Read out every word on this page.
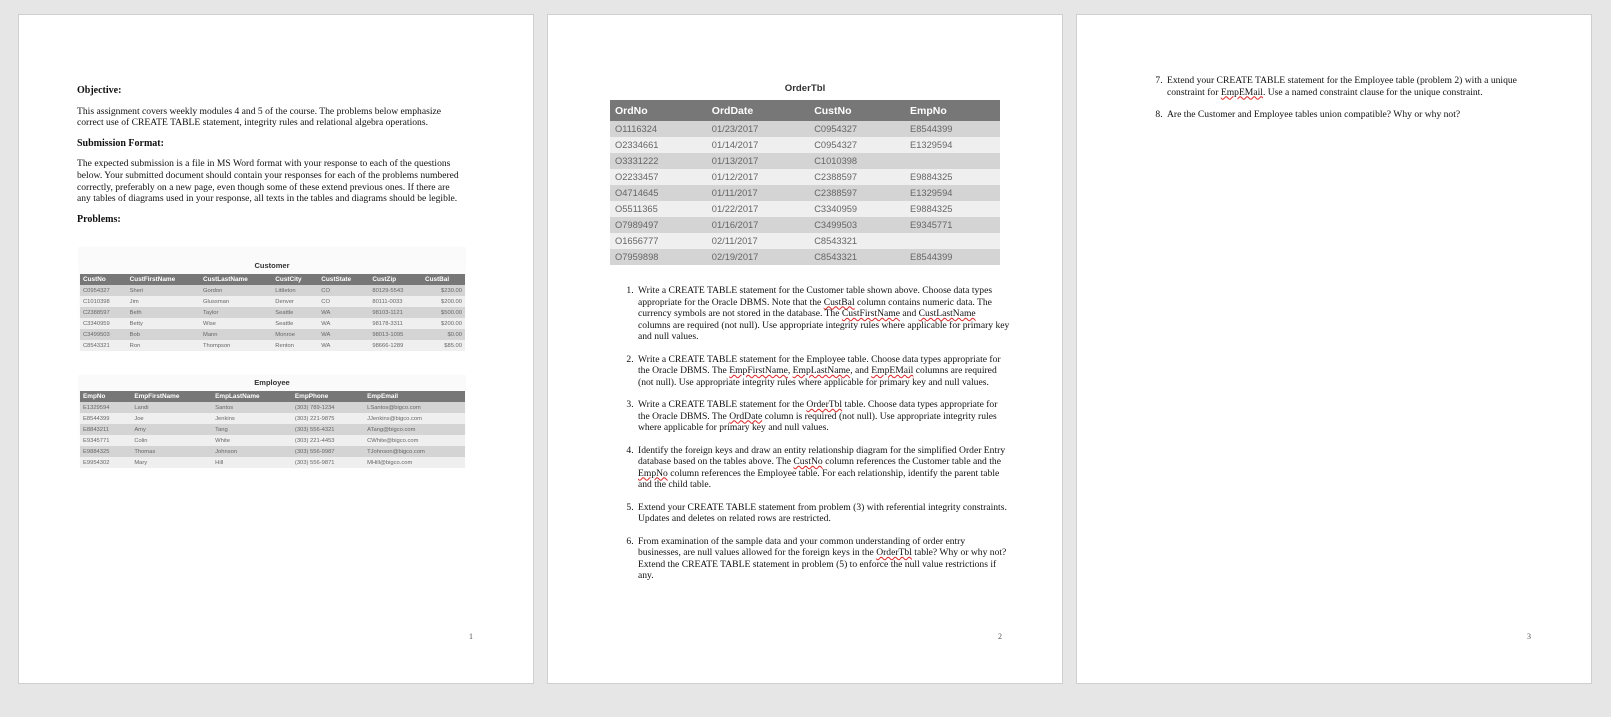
Objective:

This assignment covers weekly modules 4 and 5 of the course. The problems below emphasize correct use of CREATE TABLE statement, integrity rules and relational algebra operations.

Submission Format:

The expected submission is a file in MS Word format with your response to each of the questions below. Your submitted document should contain your responses for each of the problems numbered correctly, preferably on a new page, even though some of these extend previous ones. If there are any tables of diagrams used in your response, all texts in the tables and diagrams should be legible.

Problems:
Customer
CustNo	CustFirstName	CustLastName	CustCity	CustState	CustZip	CustBal
C0954327	Sheri	Gordon	Littleton	CO	80129-5543	$230.00
C1010398	Jim	Glussman	Denver	CO	80111-0033	$200.00
C2388597	Beth	Taylor	Seattle	WA	98103-1121	$500.00
C3340959	Betty	Wise	Seattle	WA	98178-3311	$200.00
C3499503	Bob	Mann	Monroe	WA	98013-1095	$0.00
C8543321	Ron	Thompson	Renton	WA	98666-1289	$85.00
Employee
EmpNo	EmpFirstName	EmpLastName	EmpPhone	EmpEmail
E1329594	Landi	Santos	(303) 789-1234	LSantos@bigco.com
E8544399	Joe	Jenkins	(303) 221-9875	JJenkins@bigco.com
E8843211	Amy	Tang	(303) 556-4321	ATang@bigco.com
E9345771	Colin	White	(303) 221-4453	CWhite@bigco.com
E9884325	Thomas	Johnson	(303) 556-9987	TJohnson@bigco.com
E9954302	Mary	Hill	(303) 556-9871	MHill@bigco.com
1
OrderTbl
OrdNo	OrdDate	CustNo	EmpNo
O1116324	01/23/2017	C0954327	E8544399
O2334661	01/14/2017	C0954327	E1329594
O3331222	01/13/2017	C1010398	
O2233457	01/12/2017	C2388597	E9884325
O4714645	01/11/2017	C2388597	E1329594
O5511365	01/22/2017	C3340959	E9884325
O7989497	01/16/2017	C3499503	E9345771
O1656777	02/11/2017	C8543321	
O7959898	02/19/2017	C8543321	E8544399
1. Write a CREATE TABLE statement for the Customer table shown above. Choose data types appropriate for the Oracle DBMS. Note that the CustBal column contains numeric data. The currency symbols are not stored in the database. The CustFirstName and CustLastName columns are required (not null). Use appropriate integrity rules where applicable for primary key and null values.
2. Write a CREATE TABLE statement for the Employee table. Choose data types appropriate for the Oracle DBMS. The EmpFirstName, EmpLastName, and EmpEMail columns are required (not null). Use appropriate integrity rules where applicable for primary key and null values.
3. Write a CREATE TABLE statement for the OrderTbl table. Choose data types appropriate for the Oracle DBMS. The OrdDate column is required (not null). Use appropriate integrity rules where applicable for primary key and null values.
4. Identify the foreign keys and draw an entity relationship diagram for the simplified Order Entry database based on the tables above. The CustNo column references the Customer table and the EmpNo column references the Employee table. For each relationship, identify the parent table and the child table.
5. Extend your CREATE TABLE statement from problem (3) with referential integrity constraints. Updates and deletes on related rows are restricted.
6. From examination of the sample data and your common understanding of order entry businesses, are null values allowed for the foreign keys in the OrderTbl table? Why or why not? Extend the CREATE TABLE statement in problem (5) to enforce the null value restrictions if any.
2
7. Extend your CREATE TABLE statement for the Employee table (problem 2) with a unique constraint for EmpEMail. Use a named constraint clause for the unique constraint.
8. Are the Customer and Employee tables union compatible? Why or why not?
3
